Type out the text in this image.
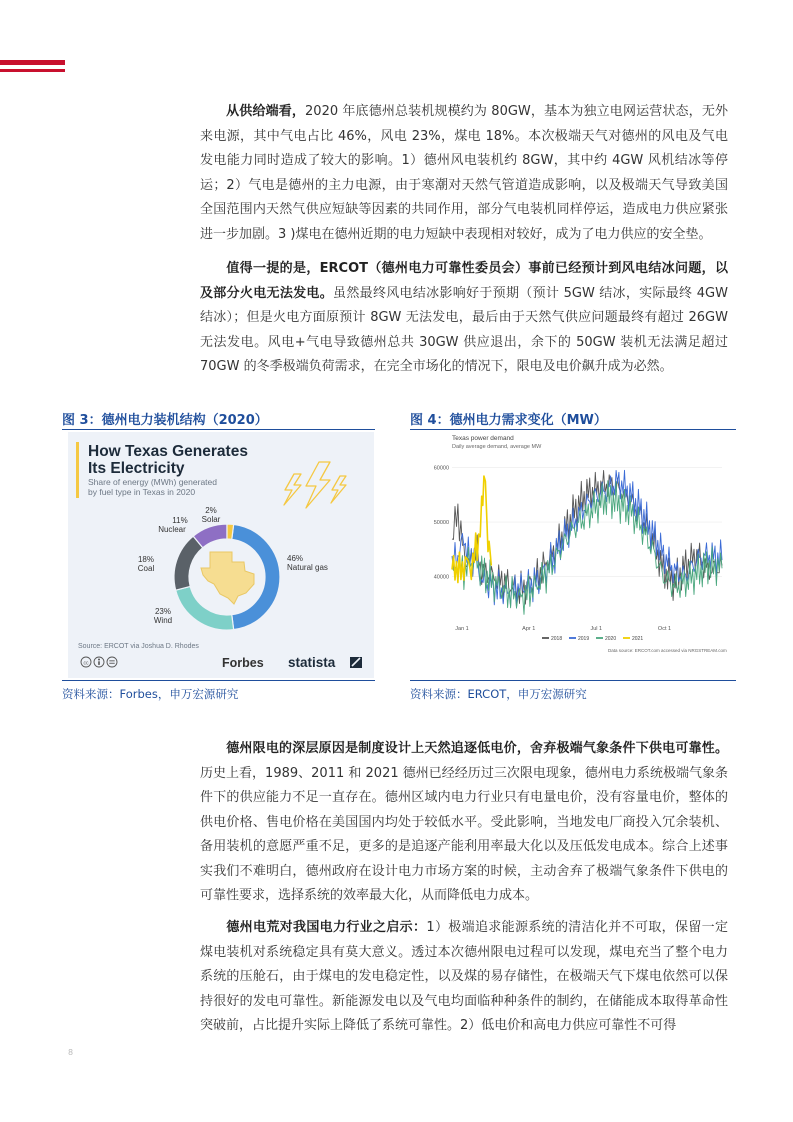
从供给端看，2020 年底德州总装机规模约为 80GW，基本为独立电网运营状态，无外来电源，其中气电占比 46%，风电 23%，煤电 18%。本次极端天气对德州的风电及气电发电能力同时造成了较大的影响。1）德州风电装机约 8GW，其中约 4GW 风机结冰等停运；2）气电是德州的主力电源，由于寒潮对天然气管道造成影响，以及极端天气导致美国全国范围内天然气供应短缺等因素的共同作用，部分气电装机同样停运，造成电力供应紧张进一步加剧。3 )煤电在德州近期的电力短缺中表现相对较好，成为了电力供应的安全垫。

值得一提的是，ERCOT（德州电力可靠性委员会）事前已经预计到风电结冰问题，以及部分火电无法发电。虽然最终风电结冰影响好于预期（预计 5GW 结冰，实际最终 4GW 结冰）；但是火电方面原预计 8GW 无法发电，最后由于天然气供应问题最终有超过 26GW 无法发电。风电+气电导致德州总共 30GW 供应退出，余下的 50GW 装机无法满足超过 70GW 的冬季极端负荷需求，在完全市场化的情况下，限电及电价飙升成为必然。

图 3：德州电力装机结构（2020）	图 4：德州电力需求变化（MW）
How Texas Generates
Its Electricity
Share of energy (MWh) generated
by fuel type in Texas in 2020
2%
Solar
11%
Nuclear
18%
Coal
23%
Wind
46%
Natural gas
Source: ERCOT via Joshua D. Rhodes
cc	Forbes statista
Texas power demand
Daily average demand, average MW
40000
50000
60000
Jan 1	Apr 1	Jul 1	Oct 1
2018	2019	2020	2021
Data source: ERCOT.com accessed via NRGSTREAM.com
资料来源：Forbes，申万宏源研究	资料来源：ERCOT，申万宏源研究

德州限电的深层原因是制度设计上天然追逐低电价，舍弃极端气象条件下供电可靠性。历史上看，1989、2011 和 2021 德州已经经历过三次限电现象，德州电力系统极端气象条件下的供应能力不足一直存在。德州区域内电力行业只有电量电价，没有容量电价，整体的供电价格、售电价格在美国国内均处于较低水平。受此影响，当地发电厂商投入冗余装机、备用装机的意愿严重不足，更多的是追逐产能利用率最大化以及压低发电成本。综合上述事实我们不难明白，德州政府在设计电力市场方案的时候，主动舍弃了极端气象条件下供电的可靠性要求，选择系统的效率最大化，从而降低电力成本。

德州电荒对我国电力行业之启示：1）极端追求能源系统的清洁化并不可取，保留一定煤电装机对系统稳定具有莫大意义。透过本次德州限电过程可以发现，煤电充当了整个电力系统的压舱石，由于煤电的发电稳定性，以及煤的易存储性，在极端天气下煤电依然可以保持很好的发电可靠性。新能源发电以及气电均面临种种条件的制约，在储能成本取得革命性突破前，占比提升实际上降低了系统可靠性。2）低电价和高电力供应可靠性不可得

8
